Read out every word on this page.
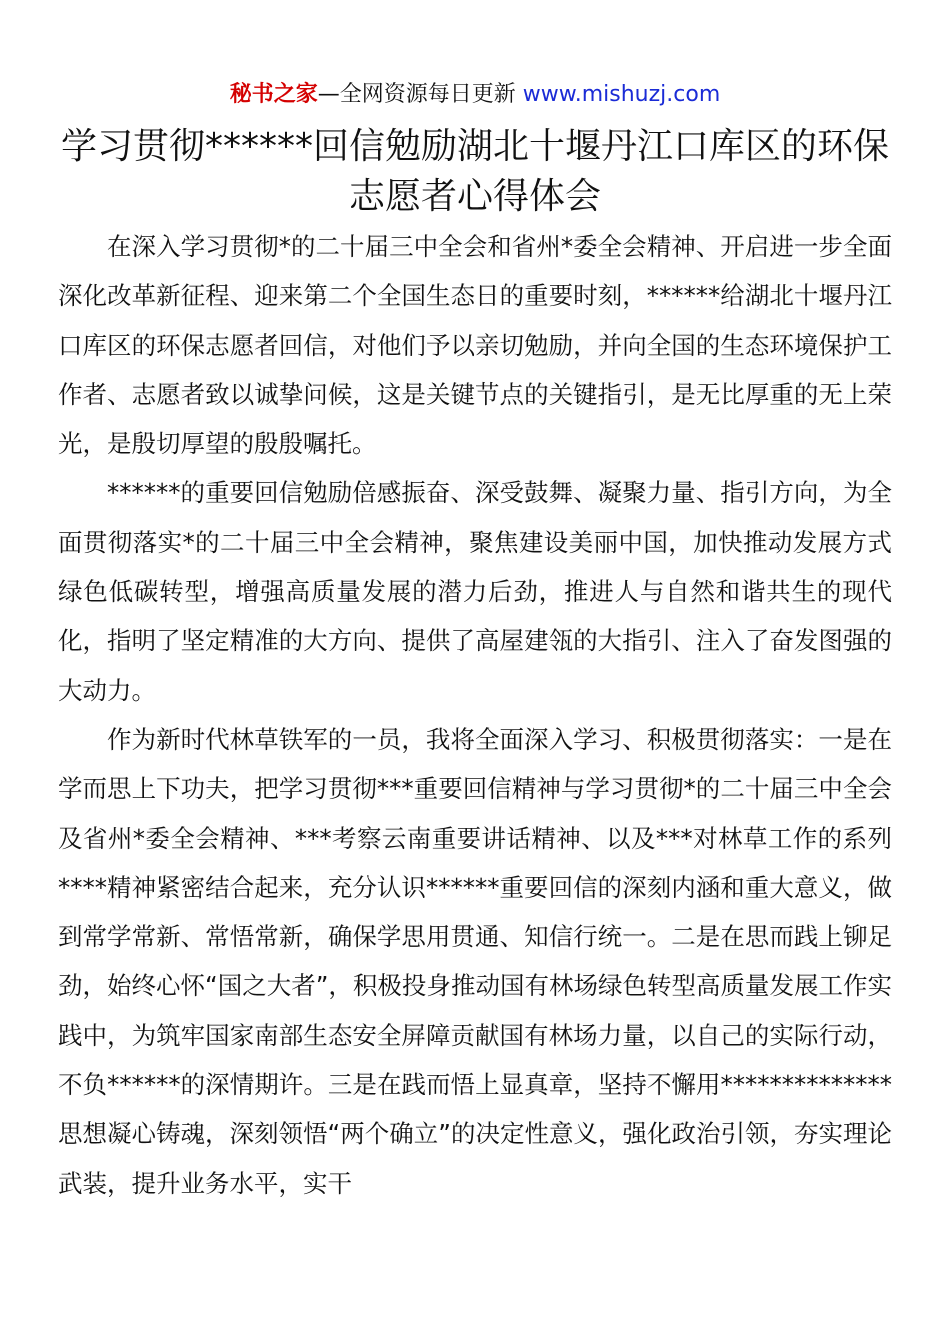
秘书之家—全网资源每日更新 www.mishuzj.com
学习贯彻******回信勉励湖北十堰丹江口库区的环保志愿者心得体会

在深入学习贯彻*的二十届三中全会和省州*委全会精神、开启进一步全面深化改革新征程、迎来第二个全国生态日的重要时刻，******给湖北十堰丹江口库区的环保志愿者回信，对他们予以亲切勉励，并向全国的生态环境保护工作者、志愿者致以诚挚问候，这是关键节点的关键指引，是无比厚重的无上荣光，是殷切厚望的殷殷嘱托。

******的重要回信勉励倍感振奋、深受鼓舞、凝聚力量、指引方向，为全面贯彻落实*的二十届三中全会精神，聚焦建设美丽中国，加快推动发展方式绿色低碳转型，增强高质量发展的潜力后劲，推进人与自然和谐共生的现代化，指明了坚定精准的大方向、提供了高屋建瓴的大指引、注入了奋发图强的大动力。

作为新时代林草铁军的一员，我将全面深入学习、积极贯彻落实：一是在学而思上下功夫，把学习贯彻***重要回信精神与学习贯彻*的二十届三中全会及省州*委全会精神、***考察云南重要讲话精神、以及***对林草工作的系列****精神紧密结合起来，充分认识******重要回信的深刻内涵和重大意义，做到常学常新、常悟常新，确保学思用贯通、知信行统一。二是在思而践上铆足劲，始终心怀“国之大者”，积极投身推动国有林场绿色转型高质量发展工作实践中，为筑牢国家南部生态安全屏障贡献国有林场力量，以自己的实际行动，不负******的深情期许。三是在践而悟上显真章，坚持不懈用**************思想凝心铸魂，深刻领悟“两个确立”的决定性意义，强化政治引领，夯实理论武装，提升业务水平，实干
